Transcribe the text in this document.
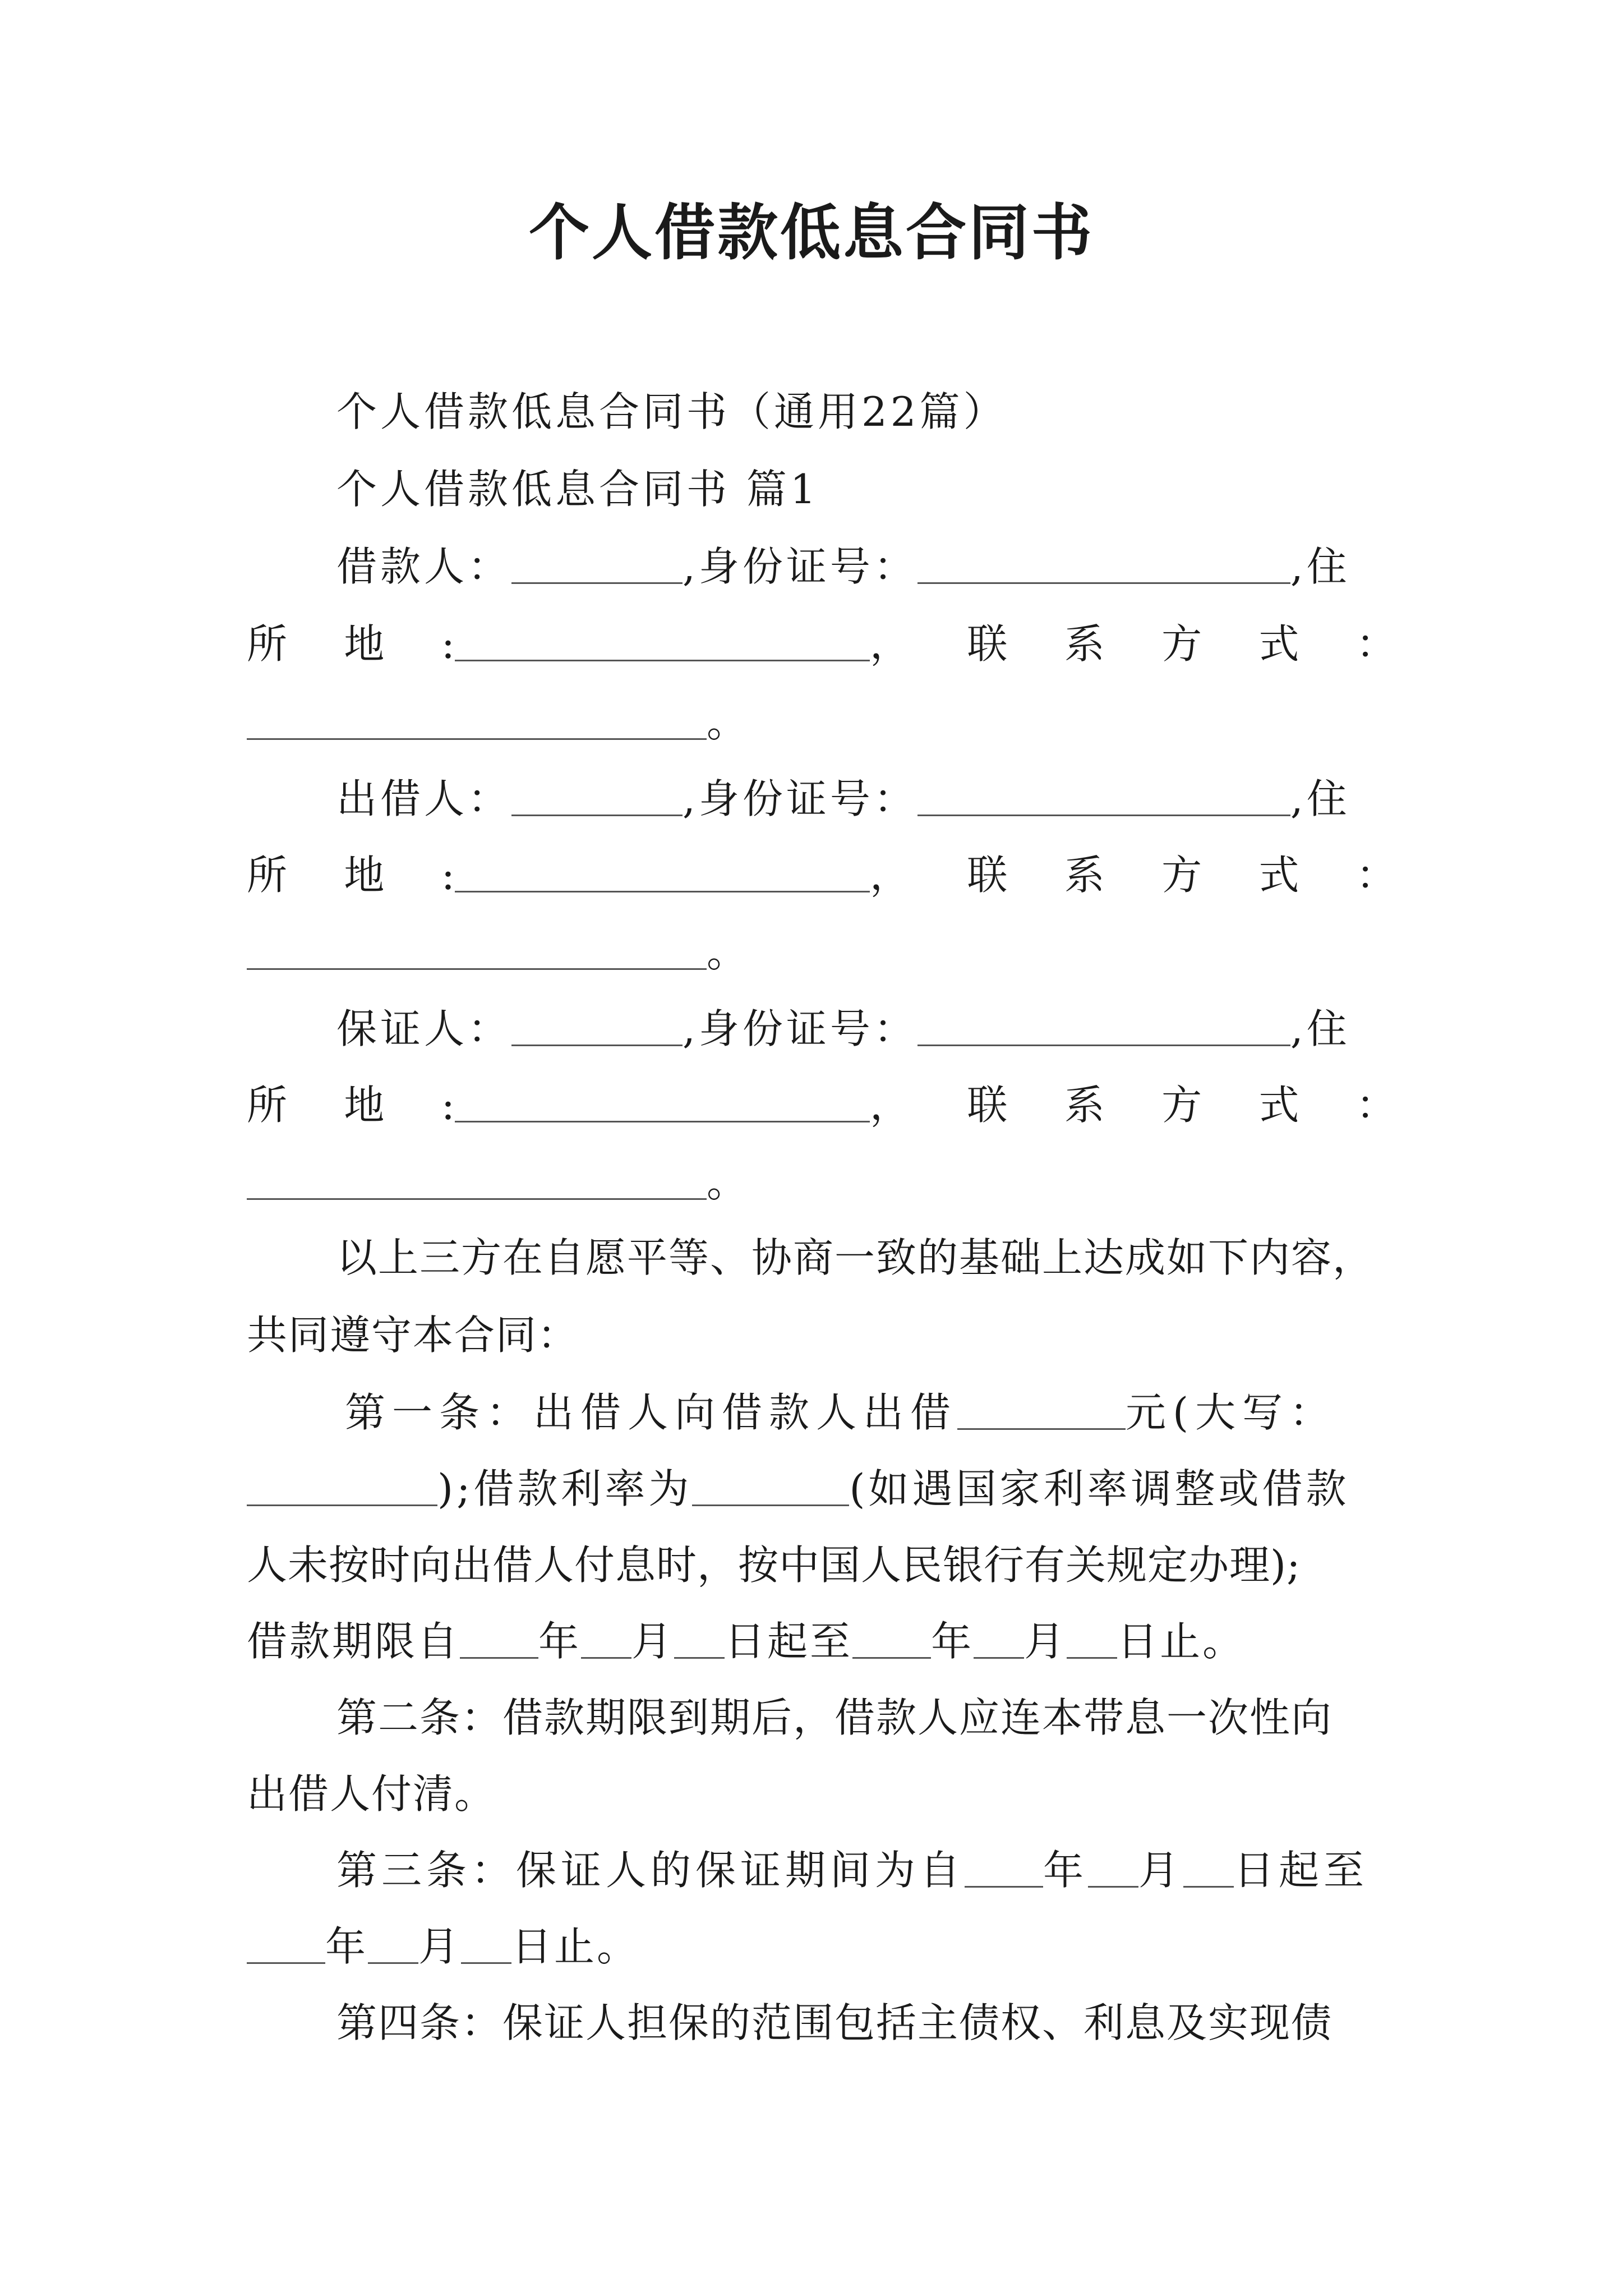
个人借款低息合同书
个人借款低息合同书（通用22篇）
个人借款低息合同书 篇1
借款人：	,身份证号：	,住
所 地 :	， 联 系 方 式 ：
。
出借人：	,身份证号：	,住
所 地 :	， 联 系 方 式 ：
。
保证人：	,身份证号：	,住
所 地 :	， 联 系 方 式 ：
。
以上三方在自愿平等、协商一致的基础上达成如下内容，
共同遵守本合同：
第一条：出借人向借款人出借	元(大写：
);借款利率为	(如遇国家利率调整或借款
人未按时向出借人付息时，按中国人民银行有关规定办理);
借款期限自 年 月 日起至 年 月 日止。
第二条：借款期限到期后，借款人应连本带息一次性向
出借人付清。
第三条：保证人的保证期间为自 年 月 日起至
年 月 日止。
第四条：保证人担保的范围包括主债权、利息及实现债
